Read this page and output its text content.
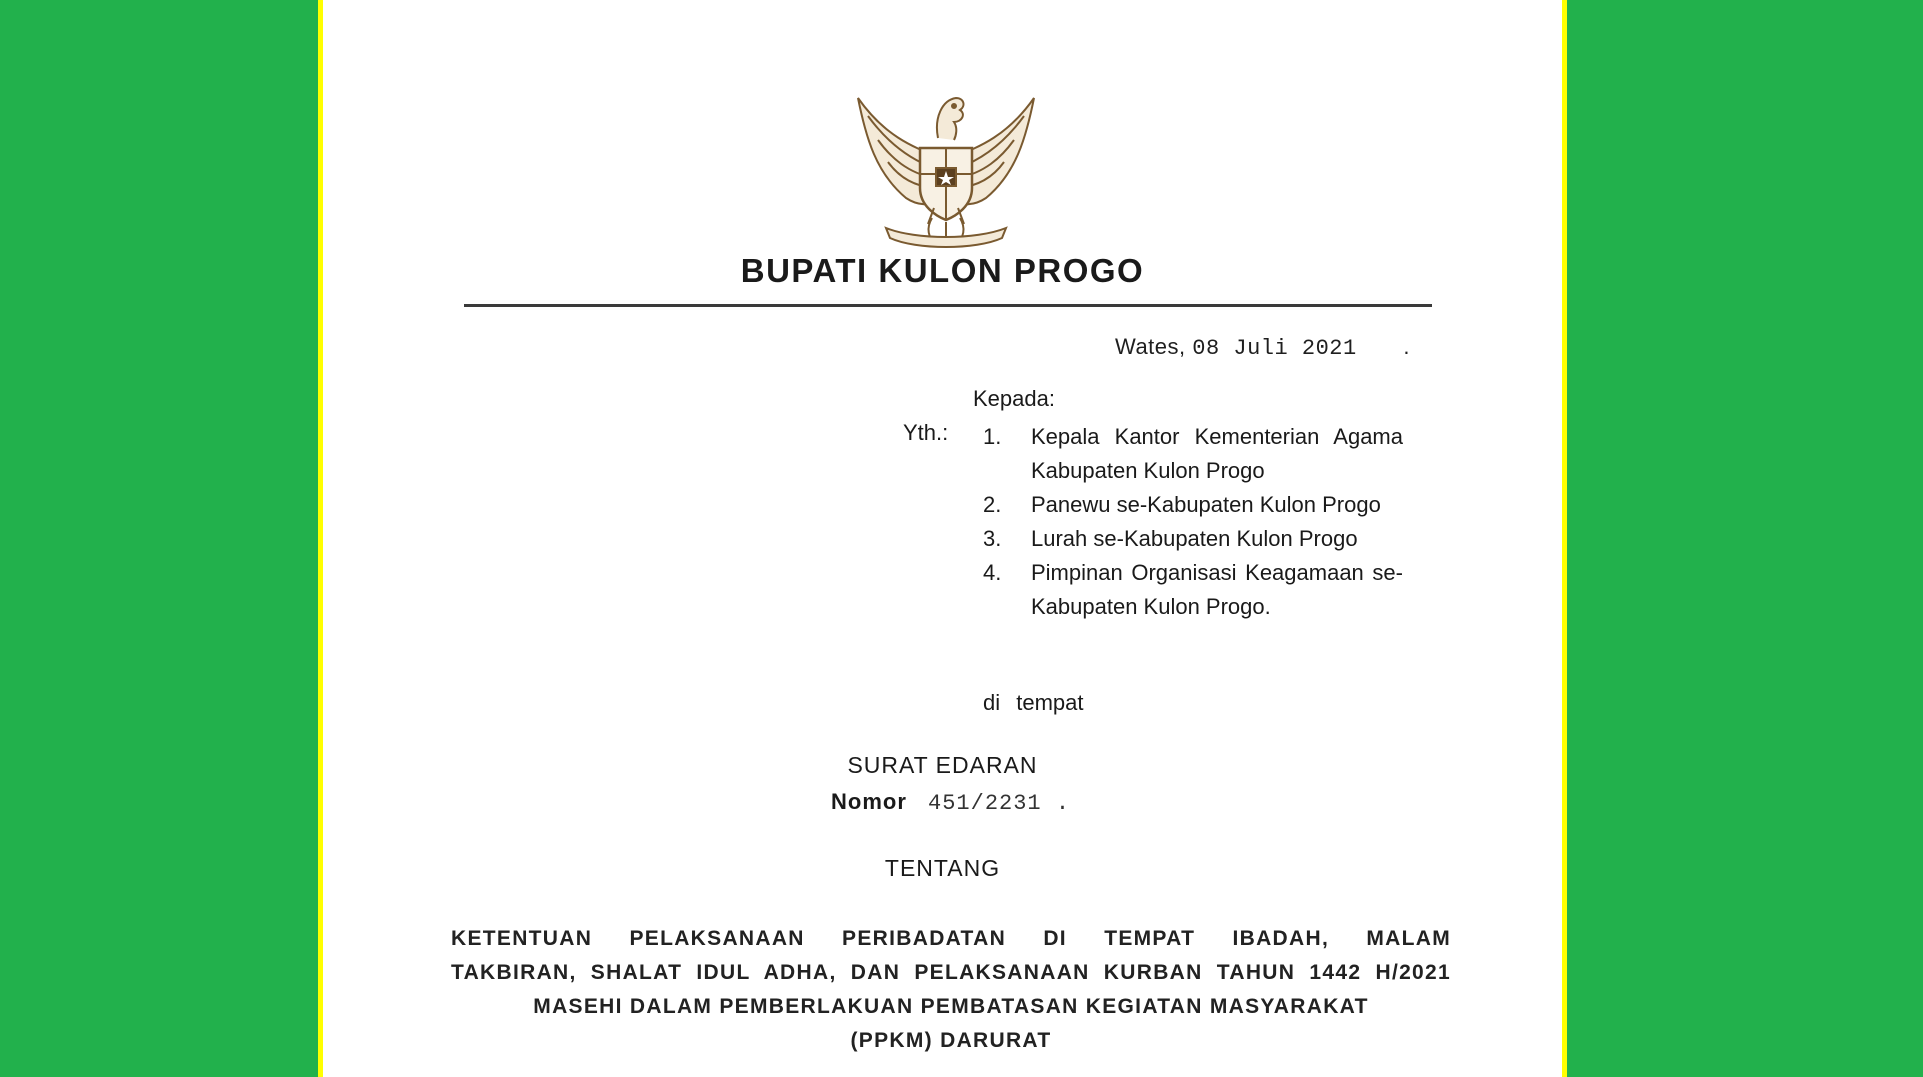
BUPATI KULON PROGO
Wates, 08 Juli 2021 .
Kepada:
Yth.: 1.	Kepala Kantor Kementerian Agama Kabupaten Kulon Progo
2.	Panewu se-Kabupaten Kulon Progo
3.	Lurah se-Kabupaten Kulon Progo
4.	Pimpinan Organisasi Keagamaan se-Kabupaten Kulon Progo.
di tempat
SURAT EDARAN
Nomor 451/2231 .
TENTANG
KETENTUAN PELAKSANAAN PERIBADATAN DI TEMPAT IBADAH, MALAM
TAKBIRAN, SHALAT IDUL ADHA, DAN PELAKSANAAN KURBAN TAHUN 1442 H/2021
MASEHI DALAM PEMBERLAKUAN PEMBATASAN KEGIATAN MASYARAKAT
(PPKM) DARURAT
